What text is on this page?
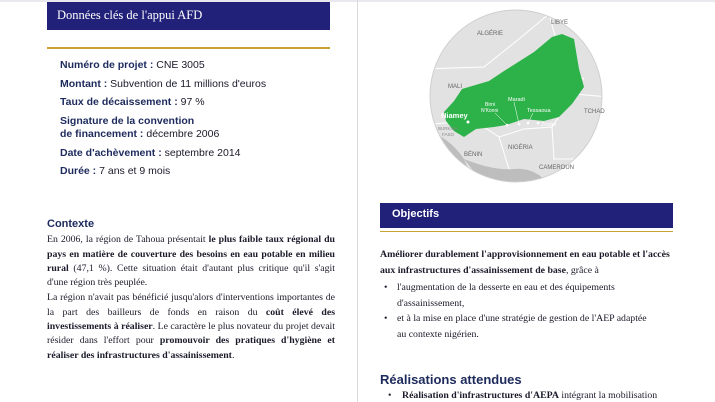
Données clés de l'appui AFD
Numéro de projet : CNE 3005
Montant : Subvention de 11 millions d'euros
Taux de décaissement : 97 %
Signature de la convention
de financement : décembre 2006
Date d'achèvement : septembre 2014
Durée : 7 ans et 9 mois
Contexte

En 2006, la région de Tahoua présentait le plus faible taux régional du pays en matière de couverture des besoins en eau potable en milieu rural (47,1 %). Cette situation était d'autant plus critique qu'il s'agit d'une région très peuplée.

La région n'avait pas bénéficié jusqu'alors d'interventions importantes de la part des bailleurs de fonds en raison du coût élevé des investissements à réaliser. Le caractère le plus novateur du projet devait résider dans l'effort pour promouvoir des pratiques d'hygiène et réaliser des infrastructures d'assainissement.

ALGÉRIE
LIBYE
MALI
TCHAD
BÉNIN
NIGÉRIA
CAMEROUN
BURKINA
FASO
Niamey
Birni
N'Konni
Maradi
Tessaoua
Zinder
Objectifs
Améliorer durablement l'approvisionnement en eau potable et l'accès aux infrastructures d'assainissement de base, grâce à
• l'augmentation de la desserte en eau et des équipements
d'assainissement,
• et à la mise en place d'une stratégie de gestion de l'AEP adaptée
au contexte nigérien.
Réalisations attendues
• Réalisation d'infrastructures d'AEPA intégrant la mobilisation
